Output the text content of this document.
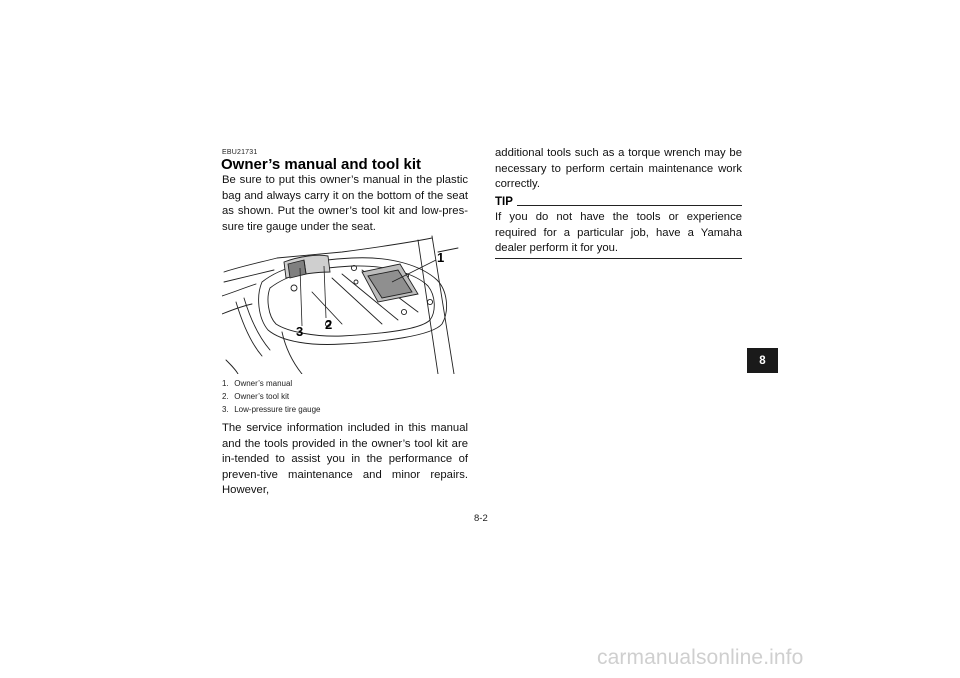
EBU21731
Owner’s manual and tool kit

Be sure to put this owner’s manual in the plastic bag and always carry it on the bottom of the seat as shown. Put the owner’s tool kit and low-pres-sure tire gauge under the seat.

1
2
3
1. Owner’s manual
2. Owner’s tool kit
3. Low-pressure tire gauge

The service information included in this manual and the tools provided in the owner’s tool kit are in-tended to assist you in the performance of preven-tive maintenance and minor repairs. However,

additional tools such as a torque wrench may be necessary to perform certain maintenance work correctly.

TIP

If you do not have the tools or experience required for a particular job, have a Yamaha dealer perform it for you.

8
8-2
carmanualsonline.info
